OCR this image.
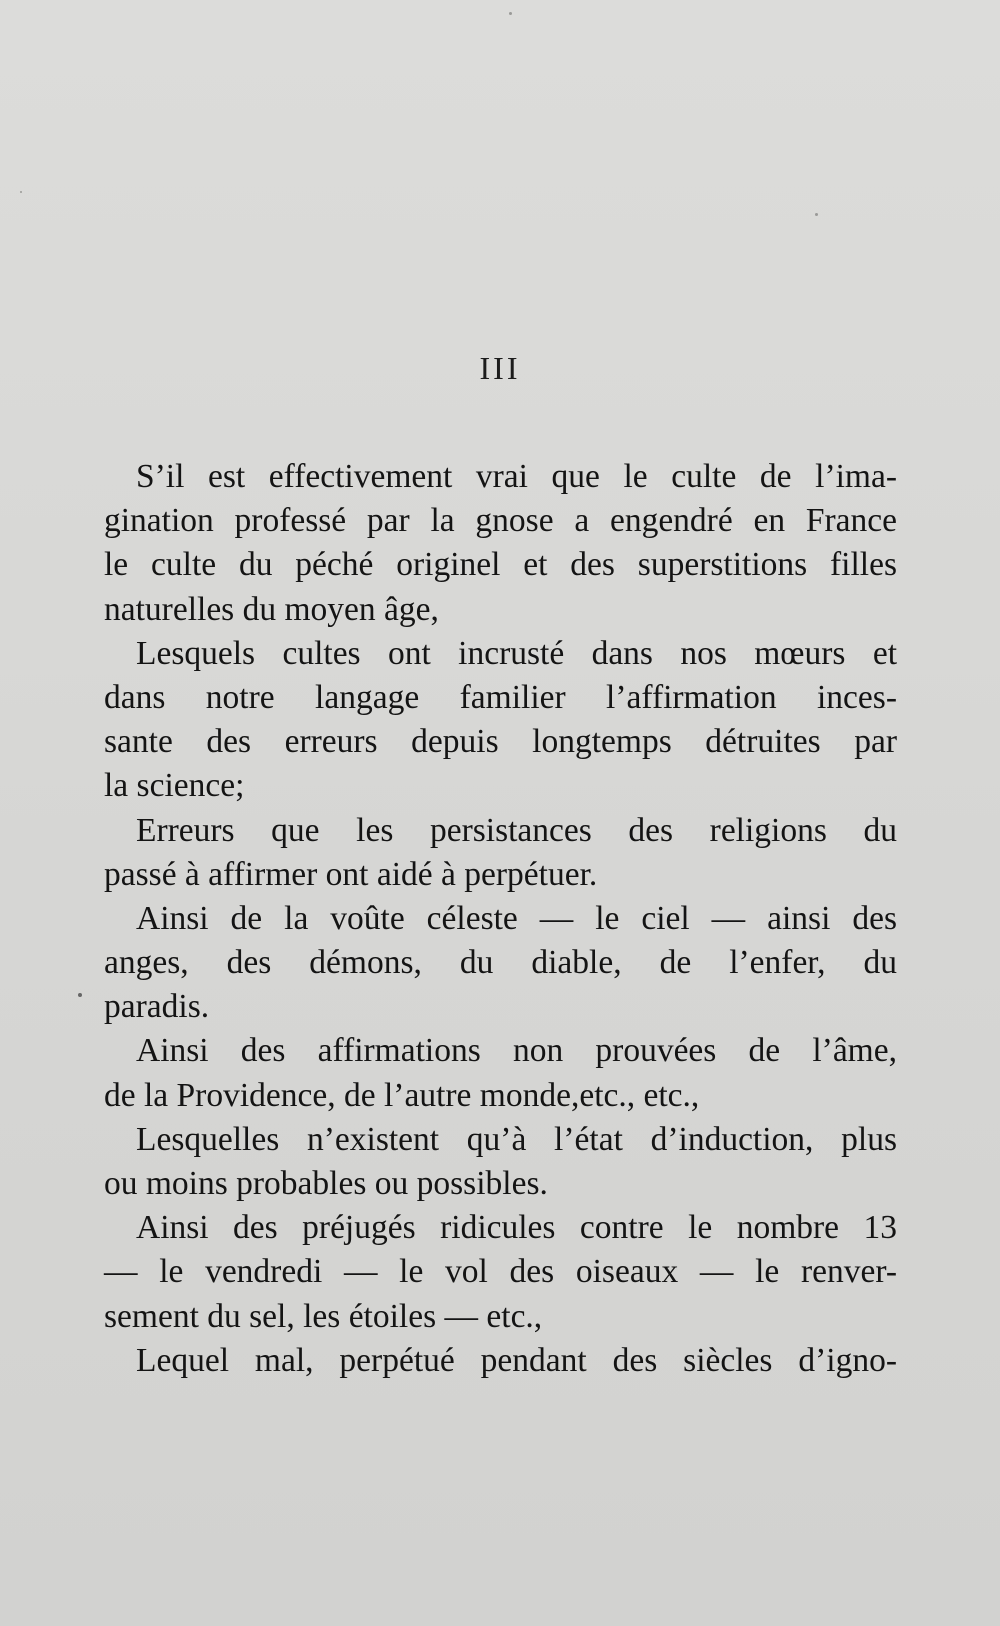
III
S’il est effectivement vrai que le culte de l’ima-
gination professé par la gnose a engendré en France
le culte du péché originel et des superstitions filles
naturelles du moyen âge,
Lesquels cultes ont incrusté dans nos mœurs et
dans notre langage familier l’affirmation inces-
sante des erreurs depuis longtemps détruites par
la science;
Erreurs que les persistances des religions du
passé à affirmer ont aidé à perpétuer.
Ainsi de la voûte céleste — le ciel — ainsi des
anges, des démons, du diable, de l’enfer, du
paradis.
Ainsi des affirmations non prouvées de l’âme,
de la Providence, de l’autre monde,etc., etc.,
Lesquelles n’existent qu’à l’état d’induction, plus
ou moins probables ou possibles.
Ainsi des préjugés ridicules contre le nombre 13
— le vendredi — le vol des oiseaux — le renver-
sement du sel, les étoiles — etc.,
Lequel mal, perpétué pendant des siècles d’igno-
